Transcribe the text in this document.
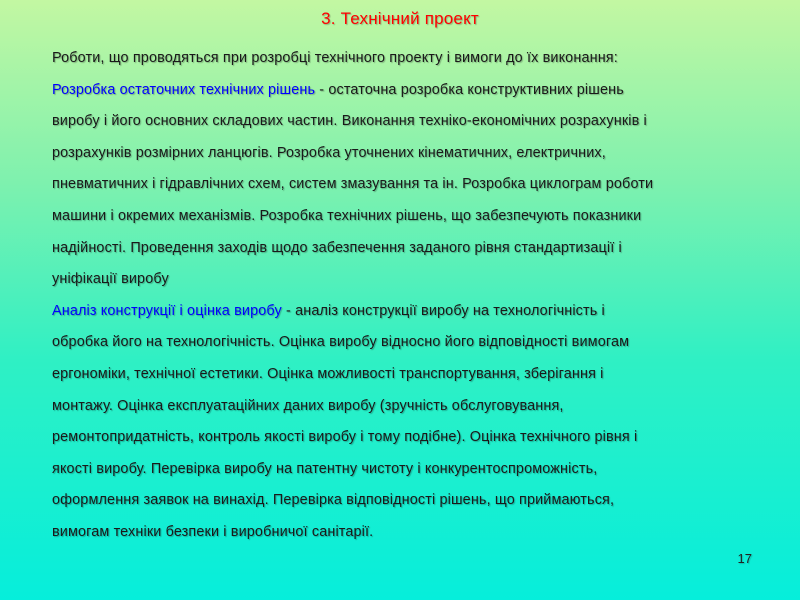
3. Технічний проект
Роботи, що проводяться при розробці технічного проекту і вимоги до їх виконання:
Розробка остаточних технічних рішень - остаточна розробка конструктивних рішень
виробу і його основних складових частин. Виконання техніко-економічних розрахунків і
розрахунків розмірних ланцюгів. Розробка уточнених кінематичних, електричних,
пневматичних і гідравлічних схем, систем змазування та ін. Розробка циклограм роботи
машини і окремих механізмів. Розробка технічних рішень, що забезпечують показники
надійності. Проведення заходів щодо забезпечення заданого рівня стандартизації і
уніфікації виробу
Аналіз конструкції і оцінка виробу - аналіз конструкції виробу на технологічність і
обробка його на технологічність. Оцінка виробу відносно його відповідності вимогам
ергономіки, технічної естетики. Оцінка можливості транспортування, зберігання і
монтажу. Оцінка експлуатаційних даних виробу (зручність обслуговування,
ремонтопридатність, контроль якості виробу і тому подібне). Оцінка технічного рівня і
якості виробу. Перевірка виробу на патентну чистоту і конкурентоспроможність,
оформлення заявок на винахід. Перевірка відповідності рішень, що приймаються,
вимогам техніки безпеки і виробничої санітарії.
17
